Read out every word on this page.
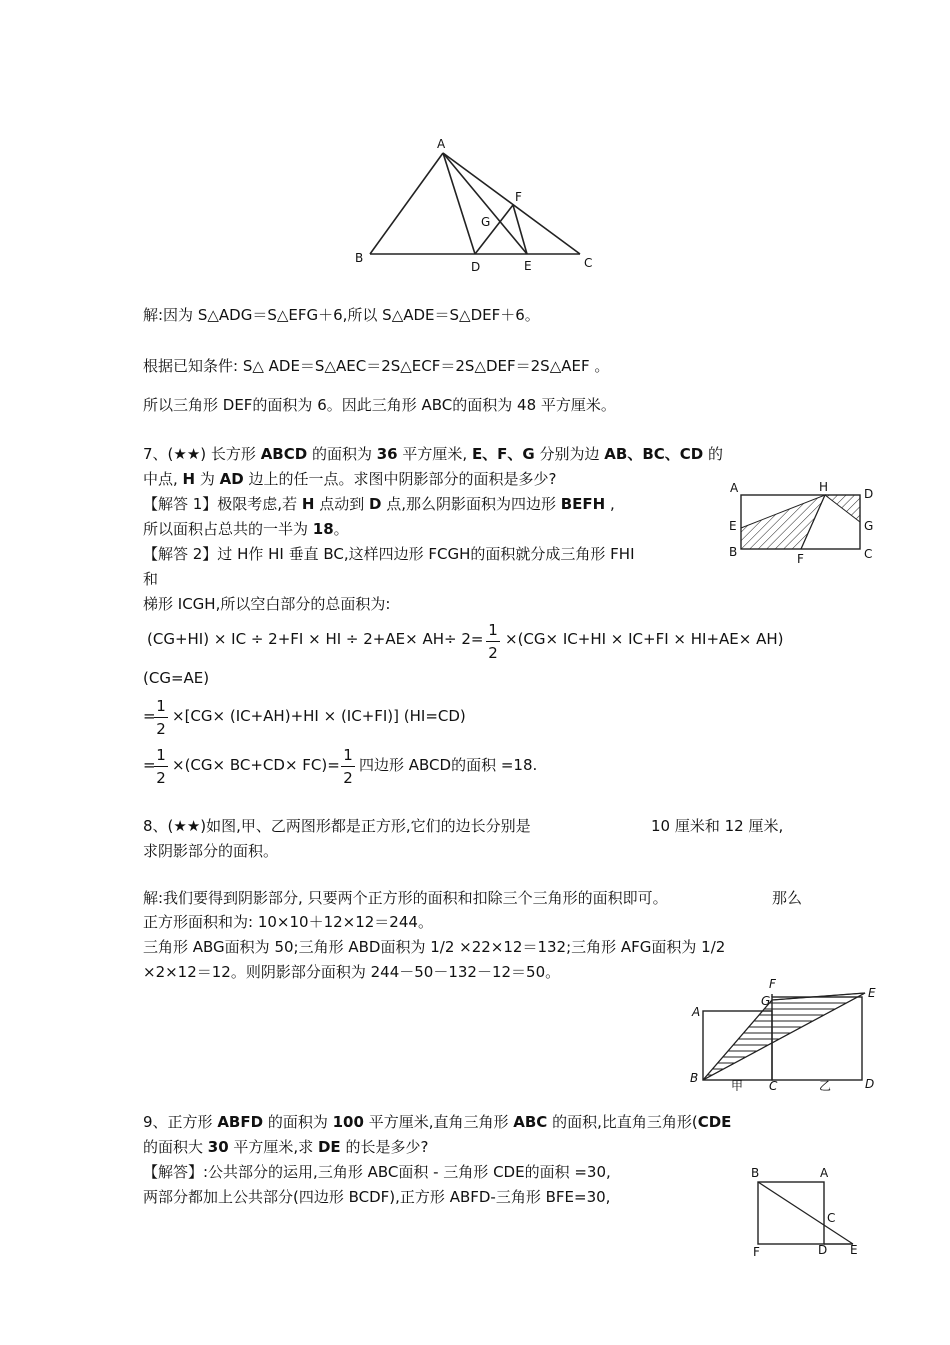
A
B	C
D	E
F
G
解:因为 S△ADG＝S△EFG＋6,所以 S△ADE＝S△DEF＋6。
根据已知条件: S△ ADE＝S△AEC＝2S△ECF＝2S△DEF＝2S△AEF 。
所以三角形 DEF的面积为 6。因此三角形 ABC的面积为 48 平方厘米。
7、(★★) 长方形 ABCD 的面积为 36 平方厘米, E、F、G 分别为边 AB、BC、CD 的
中点, H 为 AD 边上的任一点。求图中阴影部分的面积是多少?
【解答 1】极限考虑,若 H 点动到 D 点,那么阴影面积为四边形 BEFH ,
所以面积占总共的一半为 18。
【解答 2】过 H作 HI 垂直 BC,这样四边形 FCGH的面积就分成三角形 FHI
和
梯形 ICGH,所以空白部分的总面积为:
A	H	D
E	G
B	F	C
(CG+HI) × IC ÷ 2+FI × HI ÷ 2+AE× AH÷ 2= 1
2
×(CG× IC+HI × IC+FI × HI+AE× AH)
(CG=AE)
=
1
2
×[CG× (IC+AH)+HI × (IC+FI)] (HI=CD)
=
1
2
×(CG× BC+CD× FC)=
1
2
四边形 ABCD的面积 =18.
8、(★★)如图,甲、乙两图形都是正方形,它们的边长分别是	10 厘米和 12 厘米,
求阴影部分的面积。
解:我们要得到阴影部分, 只要两个正方形的面积和扣除三个三角形的面积即可。	那么
正方形面积和为: 10×10＋12×12＝244。
三角形 ABG面积为 50;三角形 ABD面积为 1/2 ×22×12＝132;三角形 AFG面积为 1/2
×2×12＝12。则阴影部分面积为 244－50－132－12＝50。
F
G
E
A
B
甲 C	乙	D
9、正方形 ABFD 的面积为 100 平方厘米,直角三角形 ABC 的面积,比直角三角形(CDE
的面积大 30 平方厘米,求 DE 的长是多少?
【解答】:公共部分的运用,三角形 ABC面积 - 三角形 CDE的面积 =30,
两部分都加上公共部分(四边形 BCDF),正方形 ABFD-三角形 BFE=30,
B	A
C
F	D E
